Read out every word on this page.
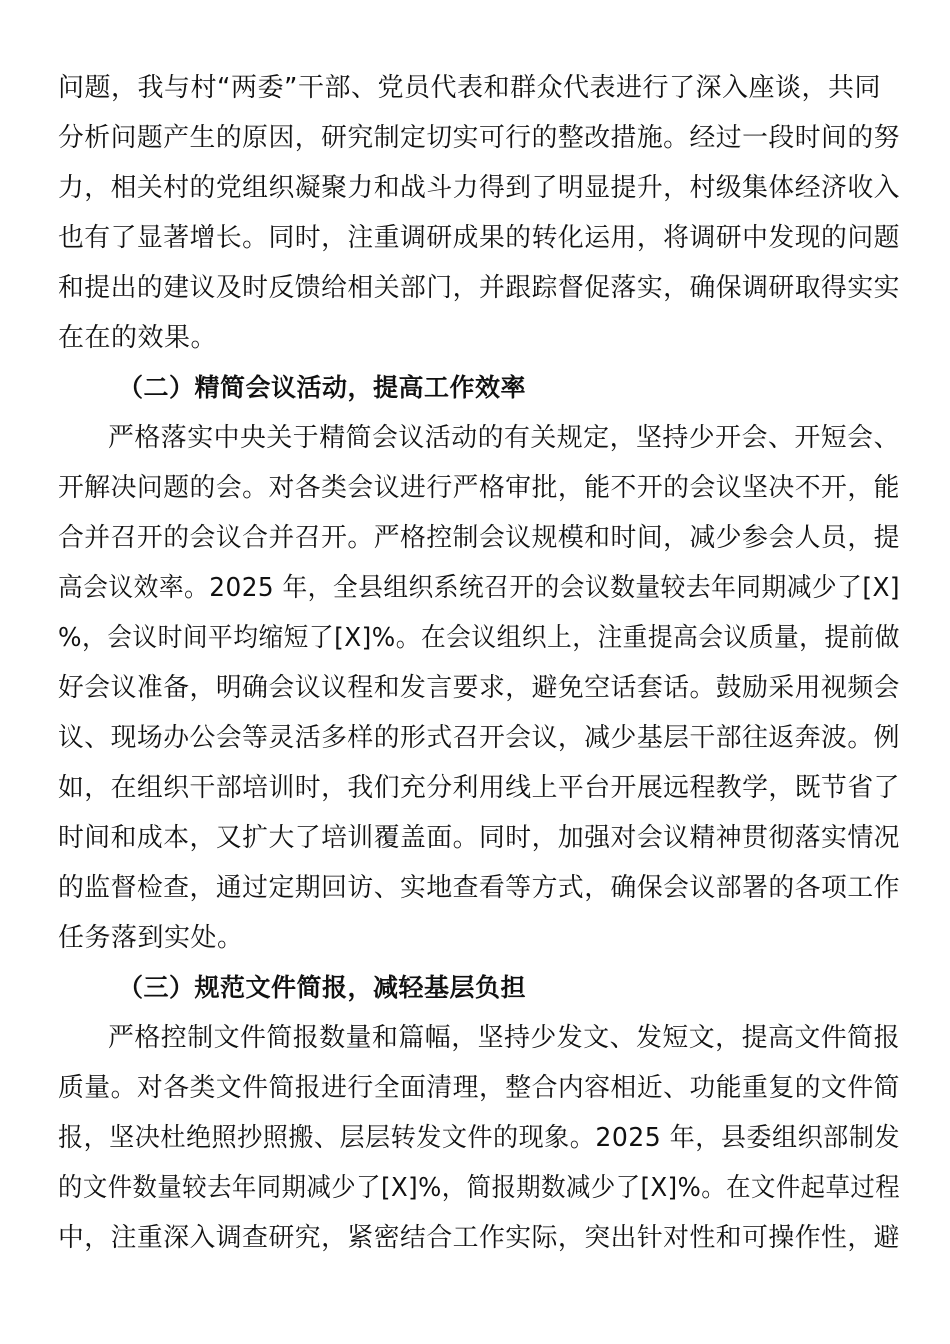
问题，我与村“两委”干部、党员代表和群众代表进行了深入座谈，共同
分析问题产生的原因，研究制定切实可行的整改措施。经过一段时间的努
力，相关村的党组织凝聚力和战斗力得到了明显提升，村级集体经济收入
也有了显著增长。同时，注重调研成果的转化运用，将调研中发现的问题
和提出的建议及时反馈给相关部门，并跟踪督促落实，确保调研取得实实
在在的效果。
（二）精简会议活动，提高工作效率
严格落实中央关于精简会议活动的有关规定，坚持少开会、开短会、
开解决问题的会。对各类会议进行严格审批，能不开的会议坚决不开，能
合并召开的会议合并召开。严格控制会议规模和时间，减少参会人员，提
高会议效率。2025 年，全县组织系统召开的会议数量较去年同期减少了[X]
%，会议时间平均缩短了[X]%。在会议组织上，注重提高会议质量，提前做
好会议准备，明确会议议程和发言要求，避免空话套话。鼓励采用视频会
议、现场办公会等灵活多样的形式召开会议，减少基层干部往返奔波。例
如，在组织干部培训时，我们充分利用线上平台开展远程教学，既节省了
时间和成本，又扩大了培训覆盖面。同时，加强对会议精神贯彻落实情况
的监督检查，通过定期回访、实地查看等方式，确保会议部署的各项工作
任务落到实处。
（三）规范文件简报，减轻基层负担
严格控制文件简报数量和篇幅，坚持少发文、发短文，提高文件简报
质量。对各类文件简报进行全面清理，整合内容相近、功能重复的文件简
报，坚决杜绝照抄照搬、层层转发文件的现象。2025 年，县委组织部制发
的文件数量较去年同期减少了[X]%，简报期数减少了[X]%。在文件起草过程
中，注重深入调查研究，紧密结合工作实际，突出针对性和可操作性，避
